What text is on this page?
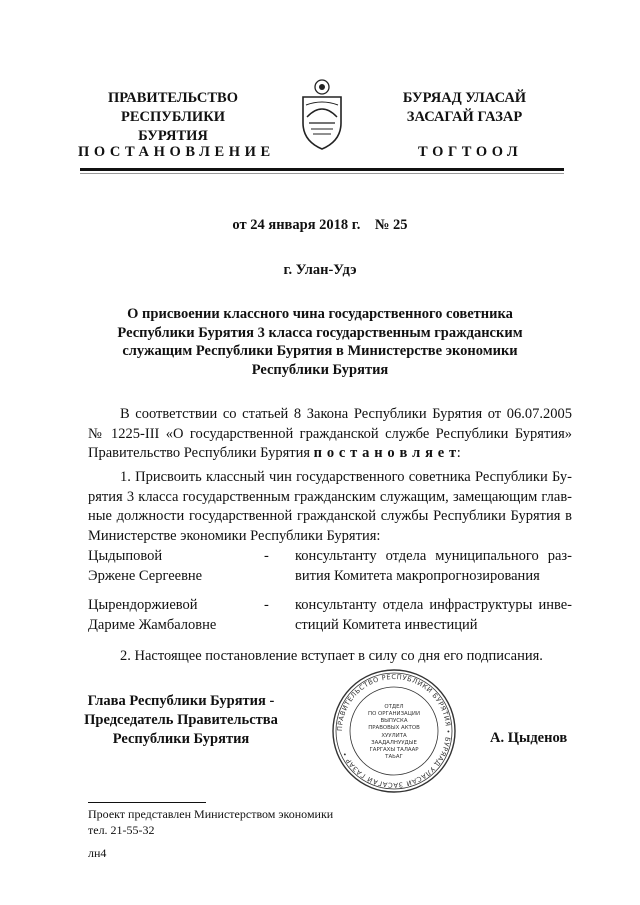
ПРАВИТЕЛЬСТВО
РЕСПУБЛИКИ БУРЯТИЯ
БУРЯАД УЛАСАЙ
ЗАСАГАЙ ГАЗАР
ПОСТАНОВЛЕНИЕ	ТОГТООЛ
от 24 января 2018 г.    № 25
г. Улан-Удэ
О присвоении классного чина государственного советника
Республики Бурятия 3 класса государственным гражданским
служащим Республики Бурятия в Министерстве экономики
Республики Бурятия
В соответствии со статьей 8 Закона Республики Бурятия от 06.07.2005
№ 1225-III «О государственной гражданской службе Республики Бурятия»
Правительство Республики Бурятия п о с т а н о в л я е т:
1. Присвоить классный чин государственного советника Республики Бу-
рятия 3 класса государственным гражданским служащим, замещающим глав-
ные должности государственной гражданской службы Республики Бурятия в
Министерстве экономики Республики Бурятия:
Цыдыповой
Эржене Сергеевне
- консультанту отдела муниципального раз-
вития Комитета макропрогнозирования
Цырендоржиевой
Дариме Жамбаловне
- консультанту отдела инфраструктуры инве-
стиций Комитета инвестиций
2. Настоящее постановление вступает в силу со дня его подписания.
Глава Республики Бурятия -
Председатель Правительства
Республики Бурятия
ПРАВИТЕЛЬСТВО РЕСПУБЛИКИ БУРЯТИЯ • БУРЯАД УЛАСАЙ ЗАСАГАЙ ГАЗАР •
ОТДЕЛ
ПО ОРГАНИЗАЦИИ
ВЫПУСКА
ПРАВОВЫХ АКТОВ
ХУУЛИТА
ЗААДАЛНУУДЫЕ
ГАРГАХЫ ТАЛААР
ТАЬАГ
А. Цыденов
Проект представлен Министерством экономики
тел. 21-55-32
лн4
